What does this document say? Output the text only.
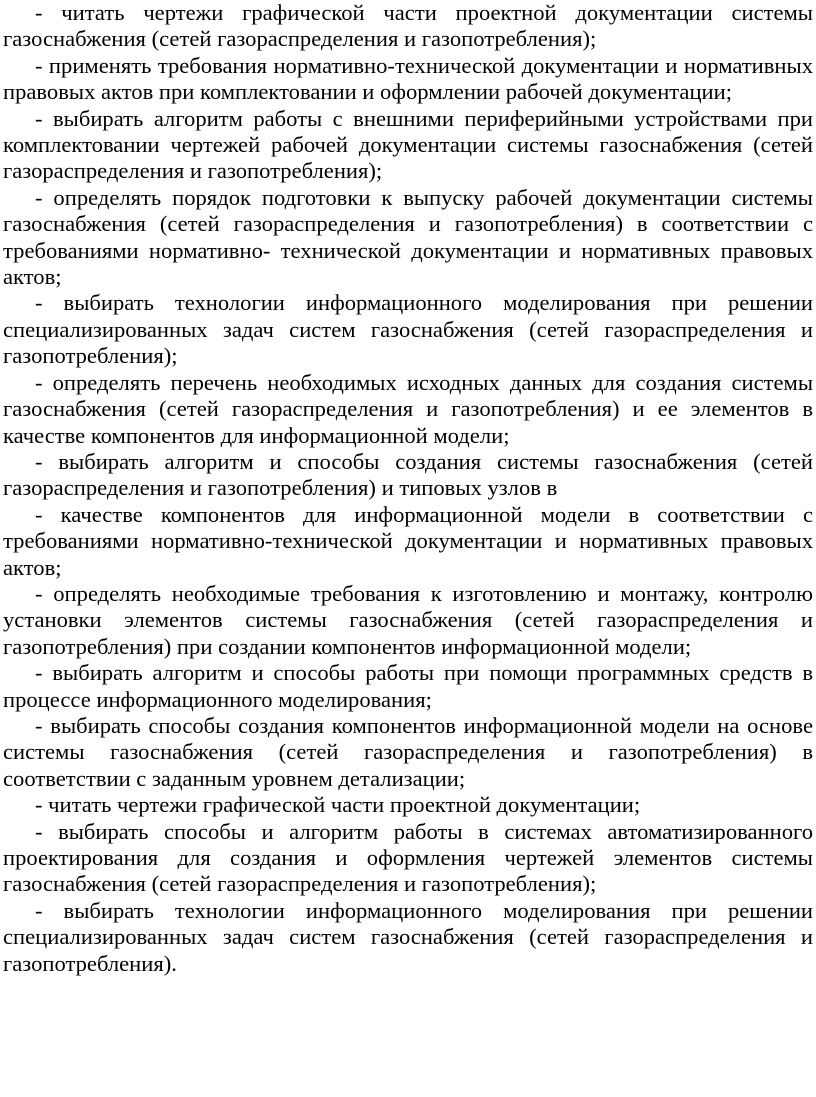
- читать чертежи графической части проектной документации системы газоснабжения (сетей газораспределения и газопотребления);

- применять требования нормативно-технической документации и нормативных правовых актов при комплектовании и оформлении рабочей документации;

- выбирать алгоритм работы с внешними периферийными устройствами при комплектовании чертежей рабочей документации системы газоснабжения (сетей газораспределения и газопотребления);

- определять порядок подготовки к выпуску рабочей документации системы газоснабжения (сетей газораспределения и газопотребления) в соответствии с требованиями нормативно- технической документации и нормативных правовых актов;

- выбирать технологии информационного моделирования при решении специализированных задач систем газоснабжения (сетей газораспределения и газопотребления);

- определять перечень необходимых исходных данных для создания системы газоснабжения (сетей газораспределения и газопотребления) и ее элементов в качестве компонентов для информационной модели;

- выбирать алгоритм и способы создания системы газоснабжения (сетей газораспределения и газопотребления) и типовых узлов в

- качестве компонентов для информационной модели в соответствии с требованиями нормативно-технической документации и нормативных правовых актов;

- определять необходимые требования к изготовлению и монтажу, контролю установки элементов системы газоснабжения (сетей газораспределения и газопотребления) при создании компонентов информационной модели;

- выбирать алгоритм и способы работы при помощи программных средств в процессе информационного моделирования;

- выбирать способы создания компонентов информационной модели на основе системы газоснабжения (сетей газораспределения и газопотребления) в соответствии с заданным уровнем детализации;

- читать чертежи графической части проектной документации;

- выбирать способы и алгоритм работы в системах автоматизированного проектирования для создания и оформления чертежей элементов системы газоснабжения (сетей газораспределения и газопотребления);

- выбирать технологии информационного моделирования при решении специализированных задач систем газоснабжения (сетей газораспределения и газопотребления).
